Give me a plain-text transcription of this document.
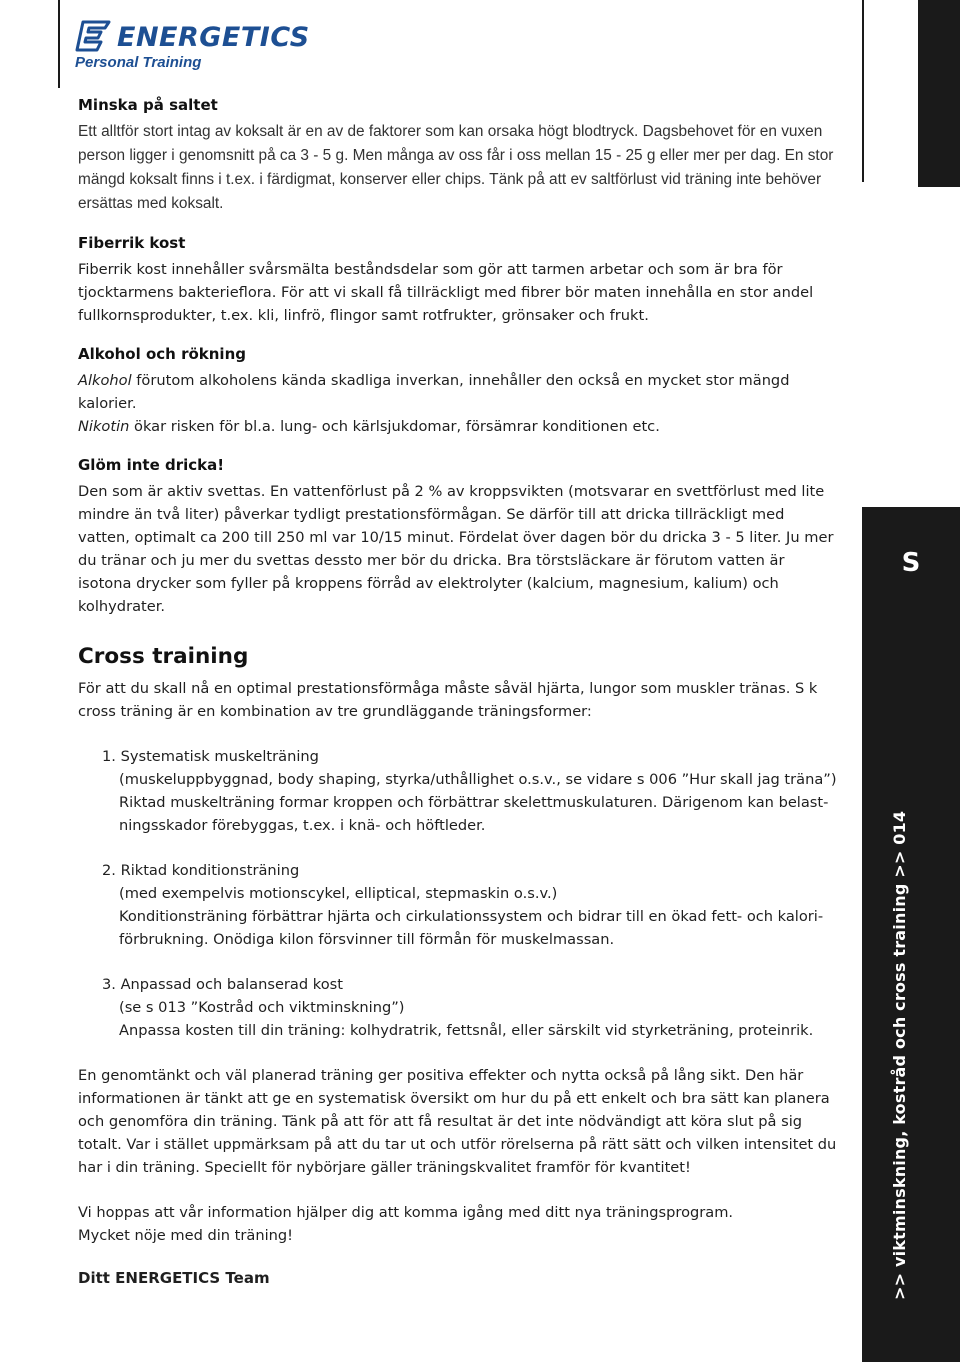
S
>> viktminskning, kostråd och cross training >> 014
ENERGETICS
Personal Training
Minska på saltet

Ett alltför stort intag av koksalt är en av de faktorer som kan orsaka högt blodtryck. Dagsbehovet för en vuxen person ligger i genomsnitt på ca 3 - 5 g. Men många av oss får i oss mellan 15 - 25 g eller mer per dag. En stor mängd koksalt finns i t.ex. i färdigmat, konserver eller chips. Tänk på att ev saltförlust vid träning inte behöver ersättas med koksalt.

Fiberrik kost

Fiberrik kost innehåller svårsmälta beståndsdelar som gör att tarmen arbetar och som är bra för tjocktarmens bakterieflora. För att vi skall få tillräckligt med fibrer bör maten innehålla en stor andel fullkornsprodukter, t.ex. kli, linfrö, flingor samt rotfrukter, grönsaker och frukt.

Alkohol och rökning

Alkohol förutom alkoholens kända skadliga inverkan, innehåller den också en mycket stor mängd kalorier.

Nikotin ökar risken för bl.a. lung- och kärlsjukdomar, försämrar konditionen etc.

Glöm inte dricka!

Den som är aktiv svettas. En vattenförlust på 2 % av kroppsvikten (motsvarar en svettförlust med lite mindre än två liter) påverkar tydligt prestationsförmågan. Se därför till att dricka tillräckligt med vatten, optimalt ca 200 till 250 ml var 10/15 minut. Fördelat över dagen bör du dricka 3 - 5 liter. Ju mer du tränar och ju mer du svettas dessto mer bör du dricka. Bra törstsläckare är förutom vatten är isotona drycker som fyller på kroppens förråd av elektrolyter (kalcium, magnesium, kalium) och kolhydrater.

Cross training

För att du skall nå en optimal prestationsförmåga måste såväl hjärta, lungor som muskler tränas. S k cross träning är en kombination av tre grundläggande träningsformer:

1. Systematisk muskelträning
(muskeluppbyggnad, body shaping, styrka/uthållighet o.s.v., se vidare s 006 ”Hur skall jag träna”)
Riktad muskelträning formar kroppen och förbättrar skelettmuskulaturen. Därigenom kan belast-ningsskador förebyggas, t.ex. i knä- och höftleder.
2. Riktad konditionsträning
(med exempelvis motionscykel, elliptical, stepmaskin o.s.v.)
Konditionsträning förbättrar hjärta och cirkulationssystem och bidrar till en ökad fett- och kalori-förbrukning. Onödiga kilon försvinner till förmån för muskelmassan.
3. Anpassad och balanserad kost
(se s 013 ”Kostråd och viktminskning”)
Anpassa kosten till din träning: kolhydratrik, fettsnål, eller särskilt vid styrketräning, proteinrik.

En genomtänkt och väl planerad träning ger positiva effekter och nytta också på lång sikt. Den här informationen är tänkt att ge en systematisk översikt om hur du på ett enkelt och bra sätt kan planera och genomföra din träning. Tänk på att för att få resultat är det inte nödvändigt att köra slut på sig totalt. Var i stället uppmärksam på att du tar ut och utför rörelserna på rätt sätt och vilken intensitet du har i din träning. Speciellt för nybörjare gäller träningskvalitet framför för kvantitet!

Vi hoppas att vår information hjälper dig att komma igång med ditt nya träningsprogram.

Mycket nöje med din träning!

Ditt ENERGETICS Team
